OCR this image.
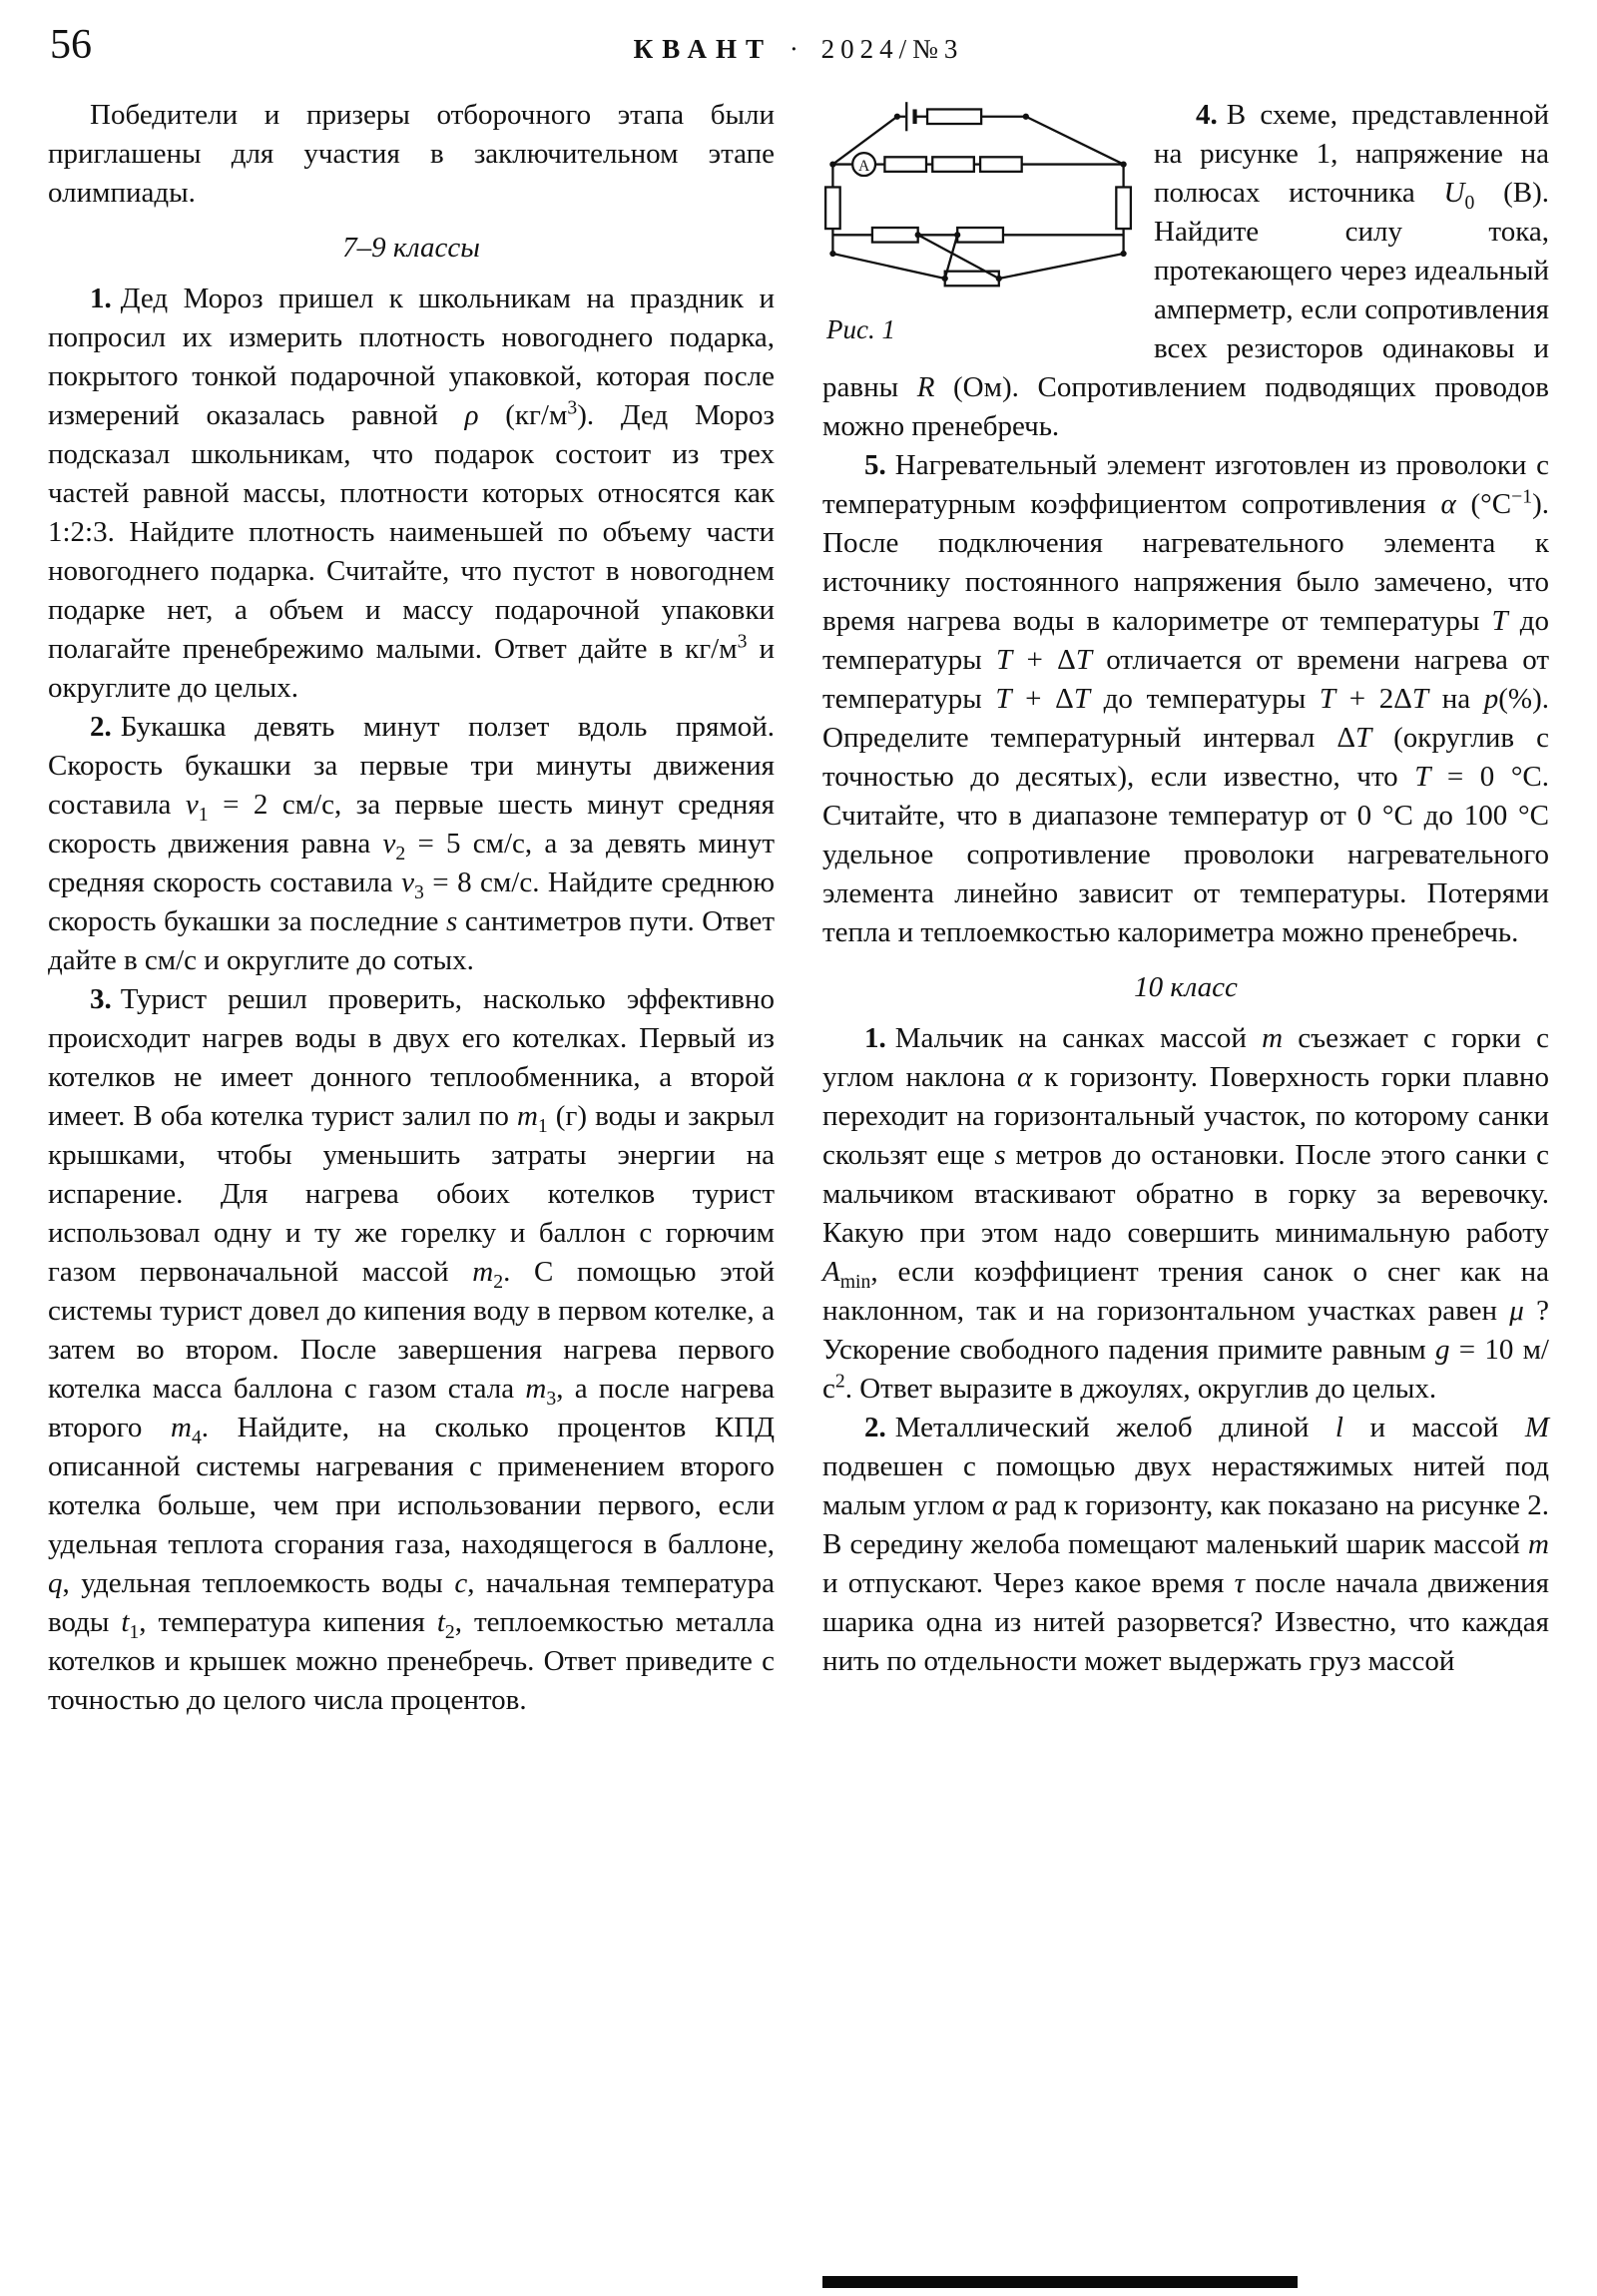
56	КВАНТ · 2024/№3
Победители и призеры отборочного этапа были приглашены для участия в заключительном этапе олимпиады.
7–9 классы
1. Дед Мороз пришел к школьникам на праздник и попросил их измерить плотность новогоднего подарка, покрытого тонкой подарочной упаковкой, которая после измерений оказалась равной ρ $(кг/м^3)$. Дед Мороз подсказал школьникам, что подарок состоит из трех частей равной массы, плотности которых относятся как 1:2:3. Найдите плотность наименьшей по объему части новогоднего подарка. Считайте, что пустот в новогоднем подарке нет, а объем и массу подарочной упаковки полагайте пренебрежимо малыми. Ответ дайте в $кг/м^3$ и округлите до целых.
2. Букашка девять минут ползет вдоль прямой. Скорость букашки за первые три минуты движения составила $v_1 = 2$ см/с, за первые шесть минут средняя скорость движения равна $v_2 = 5$ см/с, а за девять минут средняя скорость составила $v_3 = 8$ см/с. Найдите среднюю скорость букашки за последние s сантиметров пути. Ответ дайте в см/с и округлите до сотых.
3. Турист решил проверить, насколько эффективно происходит нагрев воды в двух его котелках. Первый из котелков не имеет донного теплообменника, а второй имеет. В оба котелка турист залил по $m_1$ (г) воды и закрыл крышками, чтобы уменьшить затраты энергии на испарение. Для нагрева обоих котелков турист использовал одну и ту же горелку и баллон с горючим газом первоначальной массой $m_2$. С помощью этой системы турист довел до кипения воду в первом котелке, а затем во втором. После завершения нагрева первого котелка масса баллона с газом стала $m_3$, а после нагрева второго $m_4$. Найдите, на сколько процентов КПД описанной системы нагревания с применением второго котелка больше, чем при использовании первого, если удельная теплота сгорания газа, находящегося в баллоне, q, удельная теплоемкость воды c, начальная температура воды $t_1$, температура кипения $t_2$, теплоемкостью металла котелков и крышек можно пренебречь. Ответ приведите с точностью до целого числа процентов.
А
Рис. 1
4. В схеме, представленной на рисунке 1, напряжение на полюсах источника $U_0$ (В). Найдите силу тока, протекающего через идеальный амперметр, если сопротивления всех резисторов одинаковы и равны R (Ом). Сопротивлением подводящих проводов можно пренебречь.
5. Нагревательный элемент изготовлен из проволоки с температурным коэффициентом сопротивления α $(^\circ С^{-1})$. После подключения нагревательного элемента к источнику постоянного напряжения было замечено, что время нагрева воды в калориметре от температуры T до температуры T + ΔT отличается от времени нагрева от температуры T + ΔT до температуры T + 2ΔT на p(%). Определите температурный интервал ΔT (округлив с точностью до десятых), если известно, что T = 0 °С. Считайте, что в диапазоне температур от 0 °С до 100 °С удельное сопротивление проволоки нагревательного элемента линейно зависит от температуры. Потерями тепла и теплоемкостью калориметра можно пренебречь.
10 класс
1. Мальчик на санках массой m съезжает с горки с углом наклона α к горизонту. Поверхность горки плавно переходит на горизонтальный участок, по которому санки скользят еще s метров до остановки. После этого санки с мальчиком втаскивают обратно в горку за веревочку. Какую при этом надо совершить минимальную работу $A_{min}$, если коэффициент трения санок о снег как на наклонном, так и на горизонтальном участках равен μ ? Ускорение свободного падения примите равным g = 10 $м/с^2$. Ответ выразите в джоулях, округлив до целых.
2. Металлический желоб длиной l и массой M подвешен с помощью двух нерастяжимых нитей под малым углом α рад к горизонту, как показано на рисунке 2. В середину желоба помещают маленький шарик массой m и отпускают. Через какое время τ после начала движения шарика одна из нитей разорвется? Известно, что каждая нить по отдельности может выдержать груз массой
